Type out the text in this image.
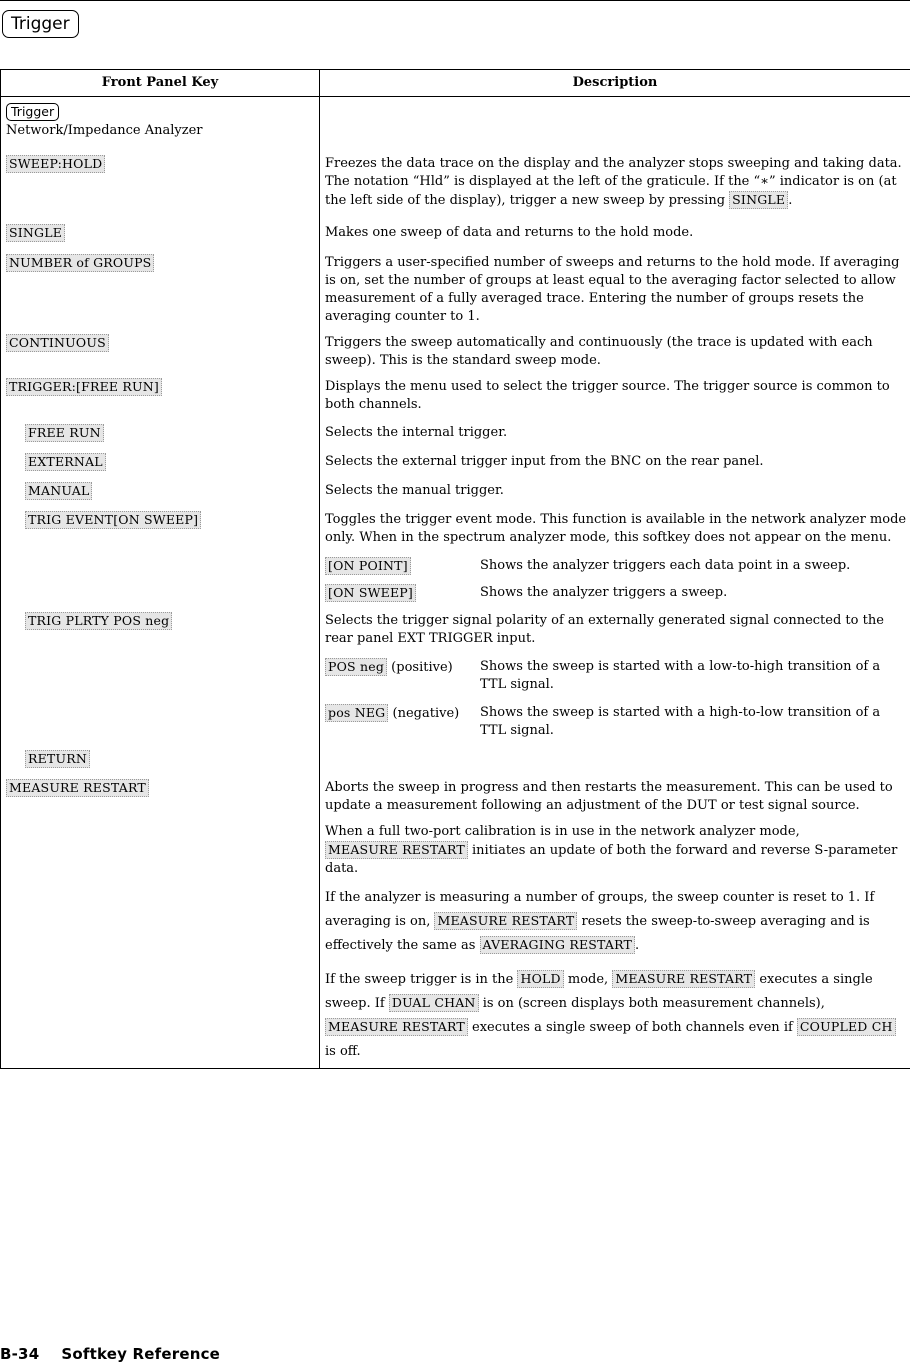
Trigger
Front Panel Key	Description

Trigger
Network/Impedance Analyzer	
SWEEP:HOLD	Freezes the data trace on the display and the analyzer stops sweeping and taking data. The notation “Hld” is displayed at the left of the graticule. If the “∗” indicator is on (at the left side of the display), trigger a new sweep by pressing SINGLE .
SINGLE	Makes one sweep of data and returns to the hold mode.
NUMBER of GROUPS	Triggers a user-specified number of sweeps and returns to the hold mode. If averaging is on, set the number of groups at least equal to the averaging factor selected to allow measurement of a fully averaged trace. Entering the number of groups resets the averaging counter to 1.
CONTINUOUS	Triggers the sweep automatically and continuously (the trace is updated with each sweep). This is the standard sweep mode.
TRIGGER:[FREE RUN]	Displays the menu used to select the trigger source. The trigger source is common to both channels.
FREE RUN	Selects the internal trigger.
EXTERNAL	Selects the external trigger input from the BNC on the rear panel.
MANUAL	Selects the manual trigger.
TRIG EVENT[ON SWEEP]	Toggles the trigger event mode. This function is available in the network analyzer mode only. When in the spectrum analyzer mode, this softkey does not appear on the menu.

[ON POINT] Shows the analyzer triggers each data point in a sweep.
[ON SWEEP] Shows the analyzer triggers a sweep.

TRIG PLRTY POS neg	Selects the trigger signal polarity of an externally generated signal connected to the rear panel EXT TRIGGER input.

POS neg (positive) Shows the sweep is started with a low-to-high transition of a TTL signal.
pos NEG (negative) Shows the sweep is started with a high-to-low transition of a TTL signal.

RETURN	
MEASURE RESTART	Aborts the sweep in progress and then restarts the measurement. This can be used to update a measurement following an adjustment of the DUT or test signal source.

When a full two-port calibration is in use in the network analyzer mode,
MEASURE RESTART initiates an update of both the forward and reverse S-parameter data.

If the analyzer is measuring a number of groups, the sweep counter is reset to 1. If averaging is on, MEASURE RESTART resets the sweep-to-sweep averaging and is effectively the same as AVERAGING RESTART .

If the sweep trigger is in the HOLD mode, MEASURE RESTART executes a single sweep. If DUAL CHAN is on (screen displays both measurement channels), MEASURE RESTART executes a single sweep of both channels even if COUPLED CH is off.

B-34 Softkey Reference
